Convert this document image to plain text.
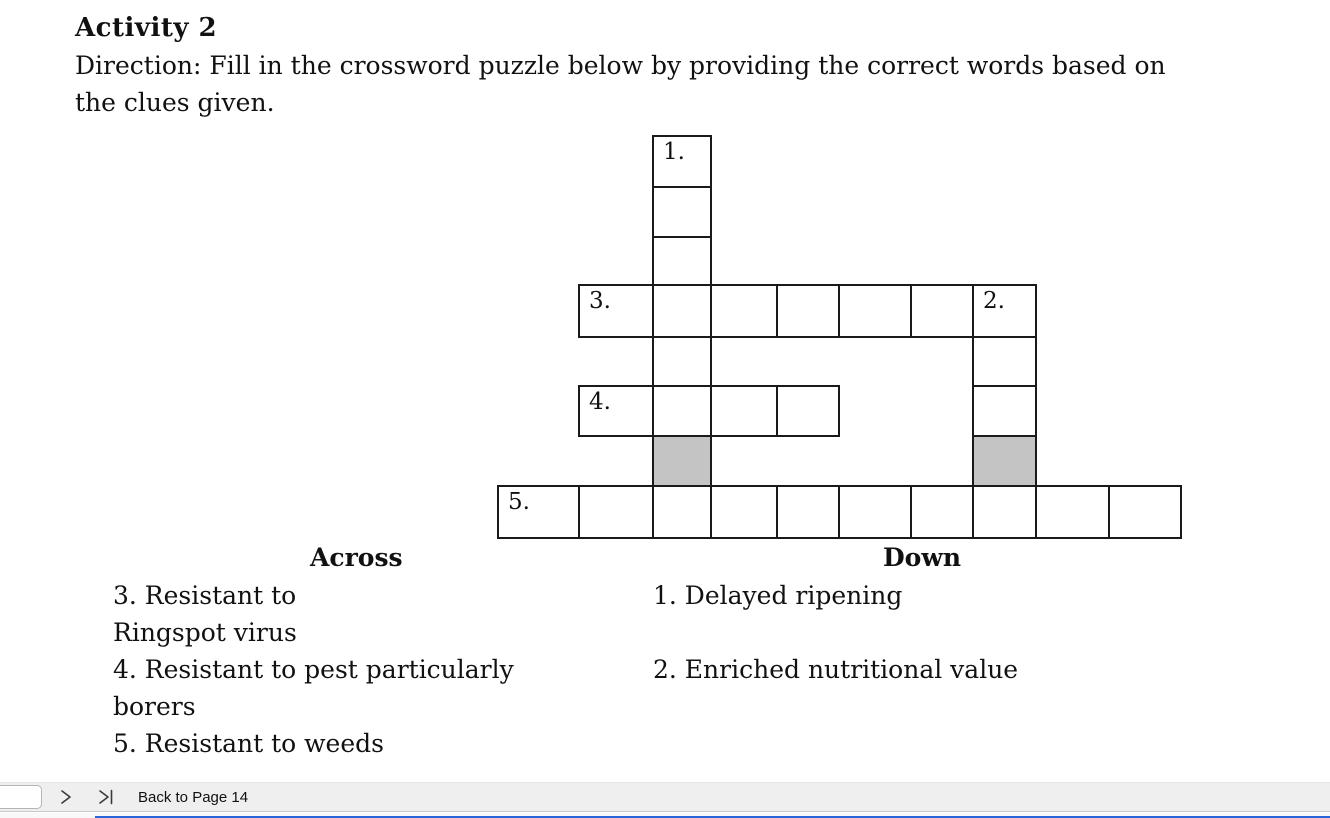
Activity 2
Direction: Fill in the crossword puzzle below by providing the correct words based on
the clues given.
1.
3.	2.
4.
5.
Across	Down
3. Resistant to
Ringspot virus
4. Resistant to pest particularly
borers
5. Resistant to weeds
1. Delayed ripening
2. Enriched nutritional value
Back to Page 14
